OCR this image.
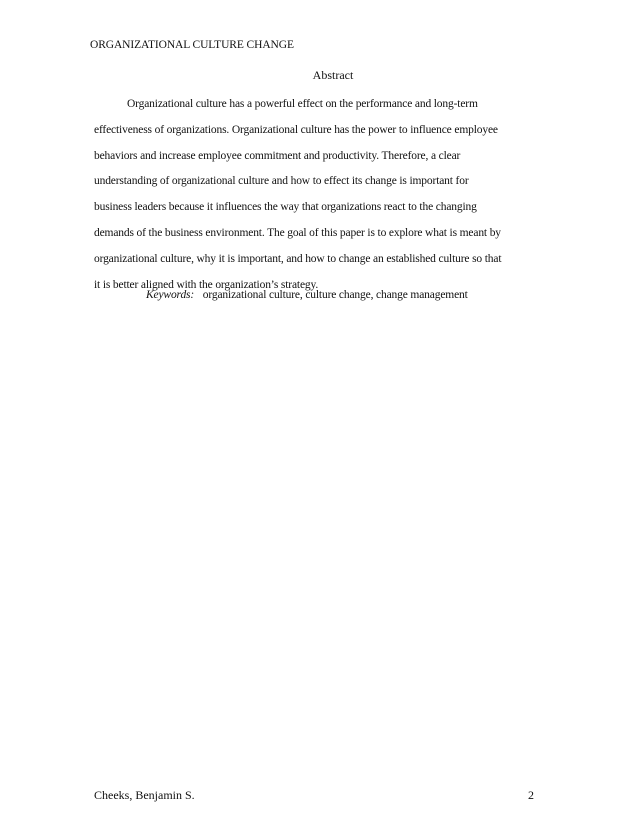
ORGANIZATIONAL CULTURE CHANGE
Abstract
Organizational culture has a powerful effect on the performance and long-term
effectiveness of organizations. Organizational culture has the power to influence employee
behaviors and increase employee commitment and productivity. Therefore, a clear
understanding of organizational culture and how to effect its change is important for
business leaders because it influences the way that organizations react to the changing
demands of the business environment. The goal of this paper is to explore what is meant by
organizational culture, why it is important, and how to change an established culture so that
it is better aligned with the organization’s strategy.
Keywords: organizational culture, culture change, change management
Cheeks, Benjamin S.	2
